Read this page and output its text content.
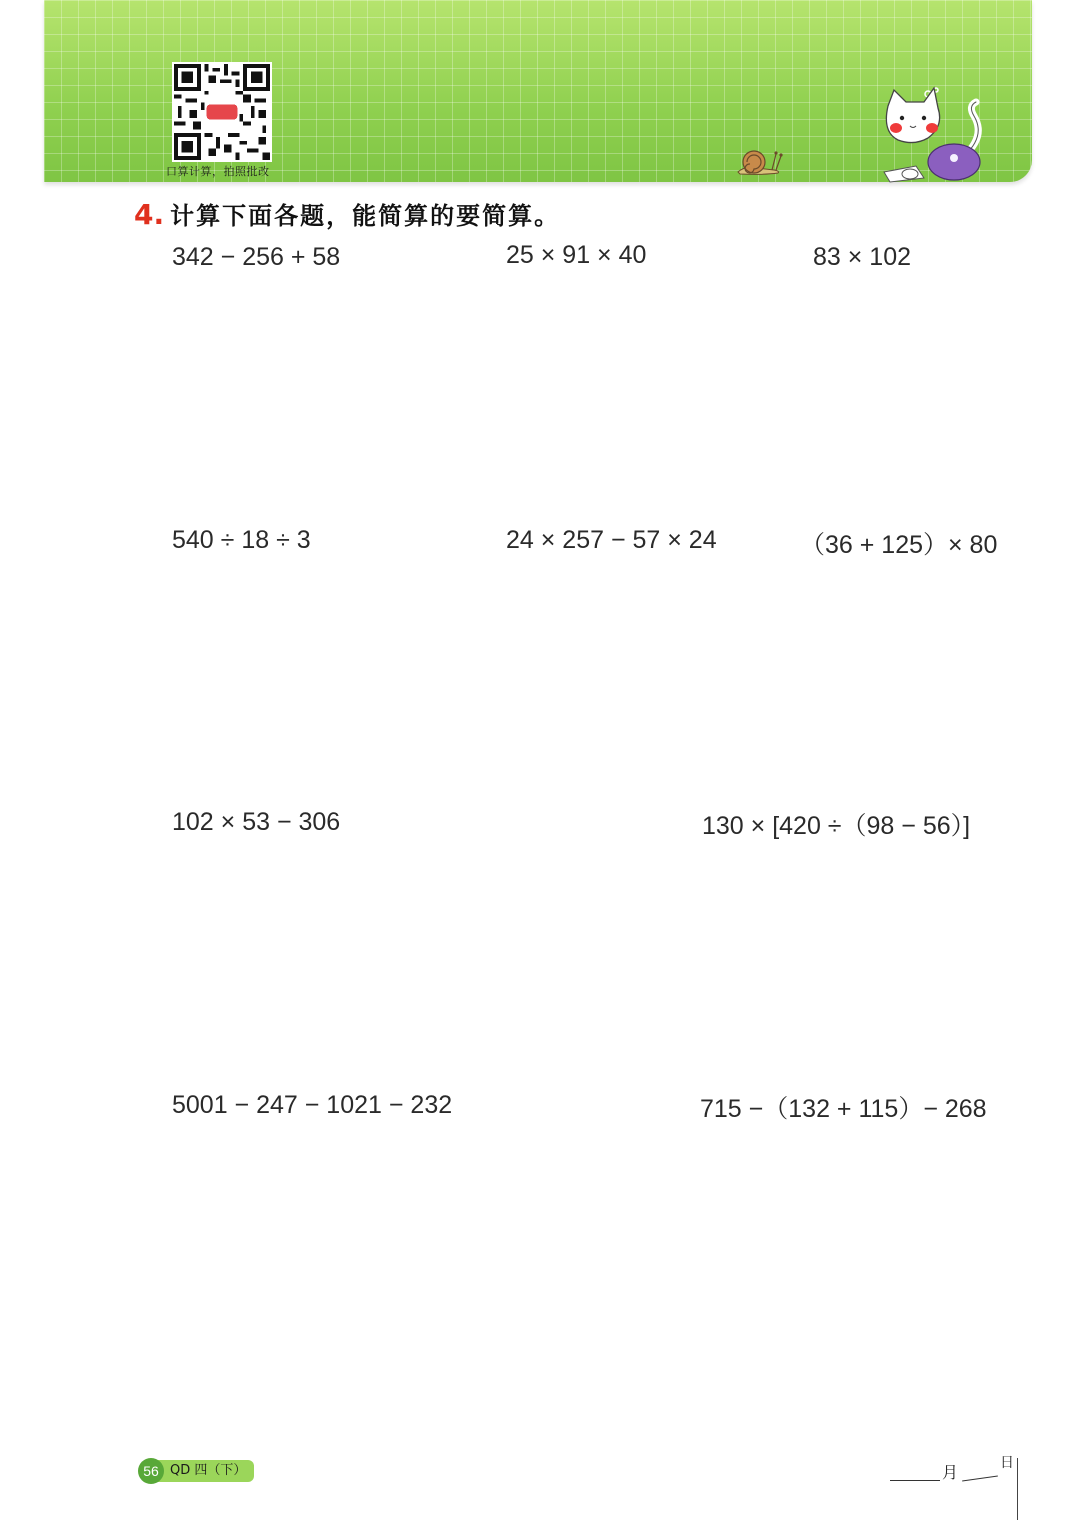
口算计算，拍照批改
4. 计算下面各题，能简算的要简算。
342 − 256 + 58	25 × 91 × 40	83 × 102
540 ÷ 18 ÷ 3	24 × 257 − 57 × 24	（36 + 125）× 80
102 × 53 − 306	130 × [420 ÷（98 − 56）]
5001 − 247 − 1021 − 232	715 −（132 + 115）− 268
56 QD 四（下）	月	日
